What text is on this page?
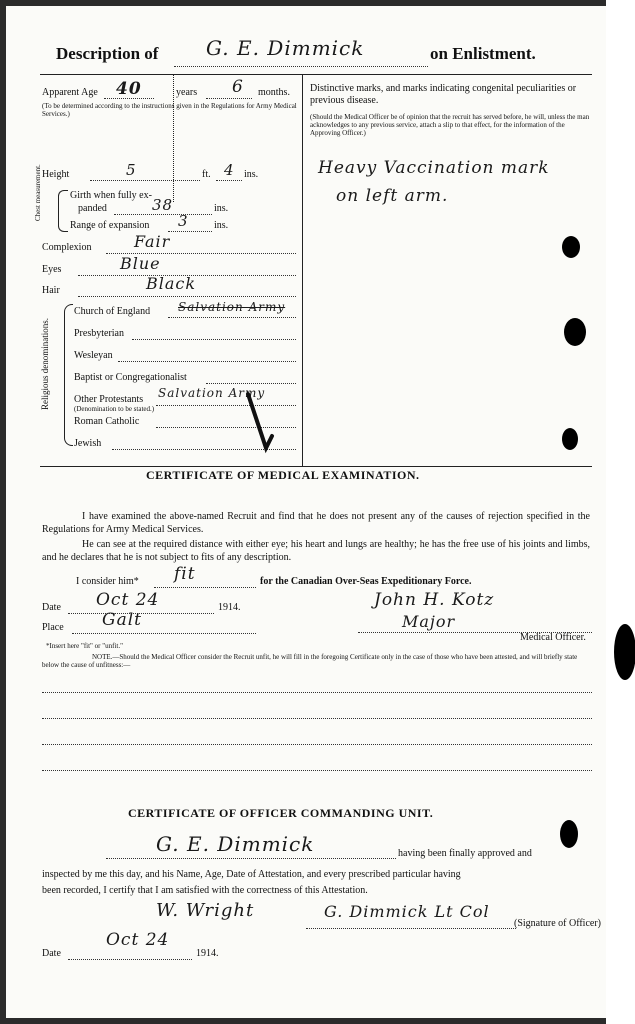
Description of G. E. Dimmick	on Enlistment.
Apparent Age 40	years 6 months.
(To be determined according to the instructions given in the Regulations for Army Medical Services.)
Height	5	ft. 4 ins.
Chest measurement.	Girth when fully ex-
panded	38	ins.
Range of expansion 3	ins.
Complexion	Fair
Eyes	Blue
Hair	Black
Religious denominations.
Church of England Salvation Army
Presbyterian
Wesleyan
Baptist or Congregationalist
Other Protestants Salvation Army
(Denomination to be stated.)
Roman Catholic
Jewish
Distinctive marks, and marks indicating congenital peculiarities or previous disease.
(Should the Medical Officer be of opinion that the recruit has served before, he will, unless the man acknowledges to any previous service, attach a slip to that effect, for the information of the Approving Officer.)
Heavy Vaccination mark
on left arm.
CERTIFICATE OF MEDICAL EXAMINATION.
I have examined the above-named Recruit and find that he does not present any of the causes of rejection specified in the Regulations for Army Medical Services.
He can see at the required distance with either eye; his heart and lungs are healthy; he has the free use of his joints and limbs, and he declares that he is not subject to fits of any description.
I consider him* fit	for the Canadian Over-Seas Expeditionary Force.
Date Oct 24	1914.
Place Galt
John H. Kotz
Major
Medical Officer.
*Insert here "fit" or "unfit."
NOTE.—Should the Medical Officer consider the Recruit unfit, he will fill in the foregoing Certificate only in the case of those who have been attested, and will briefly state below the cause of unfitness:—
CERTIFICATE OF OFFICER COMMANDING UNIT.
G. E. Dimmick	having been finally approved and
inspected by me this day, and his Name, Age, Date of Attestation, and every prescribed particular having
been recorded, I certify that I am satisfied with the correctness of this Attestation.
W. Wright	G. Dimmick Lt Col
(Signature of Officer)
Date
Oct 24
1914.
